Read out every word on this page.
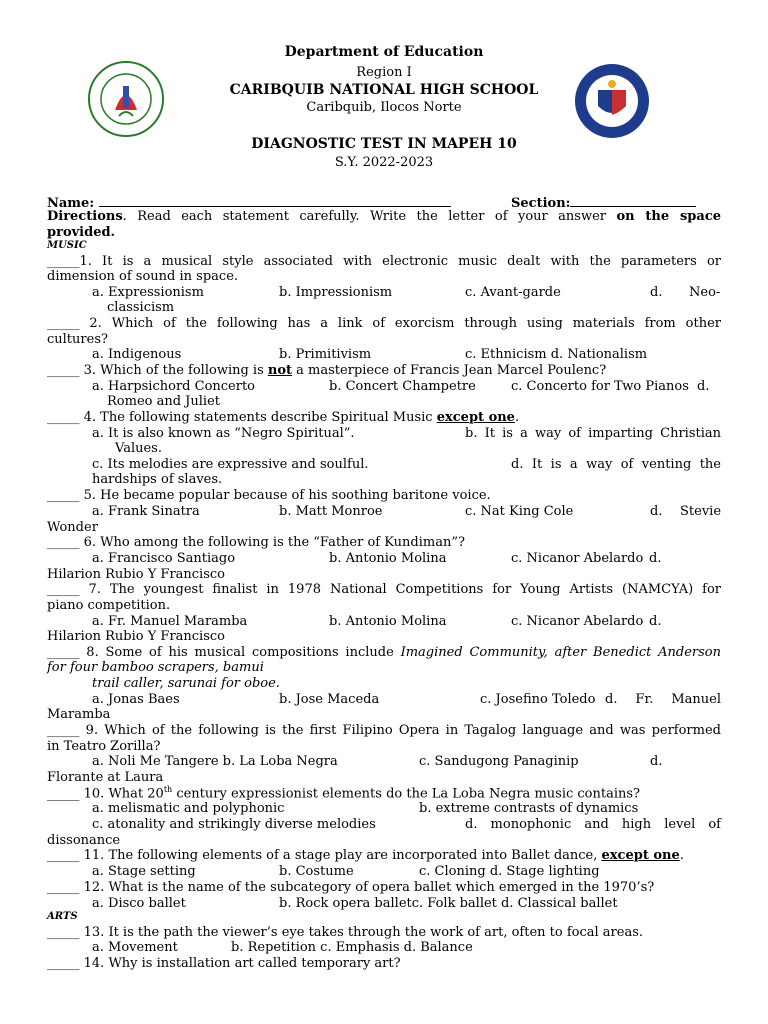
Department of Education
Region I
CARIBQUIB NATIONAL HIGH SCHOOL
Caribquib, Ilocos Norte
DIAGNOSTIC TEST IN MAPEH 10
S.Y. 2022-2023
Name:	Section:
Directions. Read each statement carefully. Write the letter of your answer on the space
provided.
MUSIC
_____1. It is a musical style associated with electronic music dealt with the parameters or
dimension of sound in space.
a. Expressionism	b. Impressionism	c. Avant-garde	d. Neo-
classicism
_____ 2. Which of the following has a link of exorcism through using materials from other
cultures?
a. Indigenous	b. Primitivism	c. Ethnicism d. Nationalism
_____ 3. Which of the following is not a masterpiece of Francis Jean Marcel Poulenc?
a. Harpsichord Concerto	b. Concert Champetre	c. Concerto for Two Pianos d.
Romeo and Juliet
_____ 4. The following statements describe Spiritual Music except one.
a. It is also known as “Negro Spiritual”.	b. It is a way of imparting Christian
Values.
c. Its melodies are expressive and soulful.	d. It is a way of venting the
hardships of slaves.
_____ 5. He became popular because of his soothing baritone voice.
a. Frank Sinatra	b. Matt Monroe	c. Nat King Cole	d. Stevie
Wonder
_____ 6. Who among the following is the “Father of Kundiman”?
a. Francisco Santiago	b. Antonio Molina	c. Nicanor Abelardo d.
Hilarion Rubio Y Francisco
_____ 7. The youngest finalist in 1978 National Competitions for Young Artists (NAMCYA) for
piano competition.
a. Fr. Manuel Maramba	b. Antonio Molina	c. Nicanor Abelardo d.
Hilarion Rubio Y Francisco
_____ 8. Some of his musical compositions include Imagined Community, after Benedict Anderson
for four bamboo scrapers, bamui
trail caller, sarunai for oboe.
a. Jonas Baes	b. Jose Maceda	c. Josefino Toledo d. Fr. Manuel
Maramba
_____ 9. Which of the following is the first Filipino Opera in Tagalog language and was performed
in Teatro Zorilla?
a. Noli Me Tangere b. La Loba Negra	c. Sandugong Panaginip	d.
Florante at Laura
_____ 10. What 20th century expressionist elements do the La Loba Negra music contains?
a. melismatic and polyphonic	b. extreme contrasts of dynamics
c. atonality and strikingly diverse melodies	d. monophonic and high level of
dissonance
_____ 11. The following elements of a stage play are incorporated into Ballet dance, except one.
a. Stage setting	b. Costume	c. Cloning d. Stage lighting
_____ 12. What is the name of the subcategory of opera ballet which emerged in the 1970’s?
a. Disco ballet	b. Rock opera balletc. Folk ballet d. Classical ballet
ARTS
_____ 13. It is the path the viewer’s eye takes through the work of art, often to focal areas.
a. Movement	b. Repetition c. Emphasis d. Balance
_____ 14. Why is installation art called temporary art?
